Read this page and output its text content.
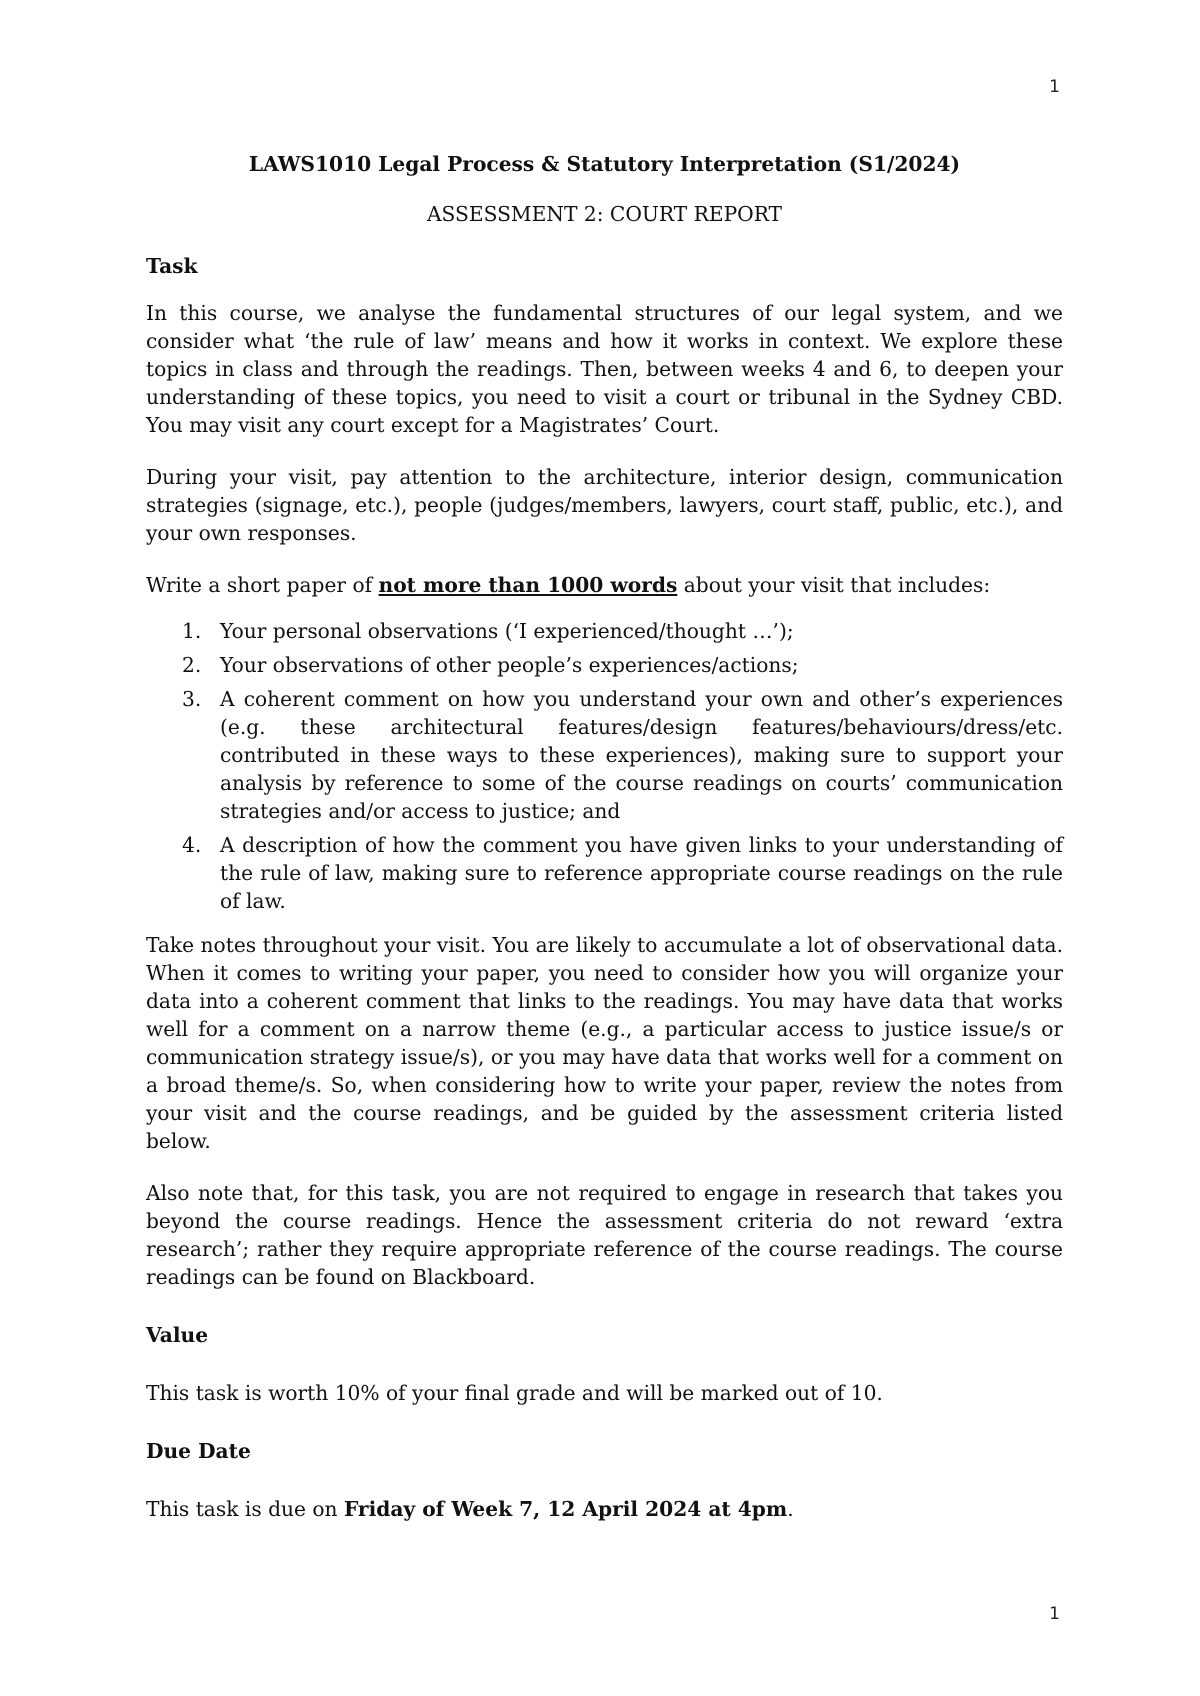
1

LAWS1010 Legal Process & Statutory Interpretation (S1/2024)

ASSESSMENT 2: COURT REPORT

Task

In this course, we analyse the fundamental structures of our legal system, and we consider what ‘the rule of law’ means and how it works in context. We explore these topics in class and through the readings. Then, between weeks 4 and 6, to deepen your understanding of these topics, you need to visit a court or tribunal in the Sydney CBD. You may visit any court except for a Magistrates’ Court.

During your visit, pay attention to the architecture, interior design, communication strategies (signage, etc.), people (judges/members, lawyers, court staff, public, etc.), and your own responses.

Write a short paper of not more than 1000 words about your visit that includes:

1. Your personal observations (‘I experienced/thought …’);
2. Your observations of other people’s experiences/actions;
3. A coherent comment on how you understand your own and other’s experiences (e.g. these architectural features/design features/behaviours/dress/etc. contributed in these ways to these experiences), making sure to support your analysis by reference to some of the course readings on courts’ communication strategies and/or access to justice; and
4. A description of how the comment you have given links to your understanding of the rule of law, making sure to reference appropriate course readings on the rule of law.

Take notes throughout your visit. You are likely to accumulate a lot of observational data. When it comes to writing your paper, you need to consider how you will organize your data into a coherent comment that links to the readings. You may have data that works well for a comment on a narrow theme (e.g., a particular access to justice issue/s or communication strategy issue/s), or you may have data that works well for a comment on a broad theme/s. So, when considering how to write your paper, review the notes from your visit and the course readings, and be guided by the assessment criteria listed below.

Also note that, for this task, you are not required to engage in research that takes you beyond the course readings. Hence the assessment criteria do not reward ‘extra research’; rather they require appropriate reference of the course readings. The course readings can be found on Blackboard.

Value

This task is worth 10% of your final grade and will be marked out of 10.

Due Date

This task is due on Friday of Week 7, 12 April 2024 at 4pm.

1
